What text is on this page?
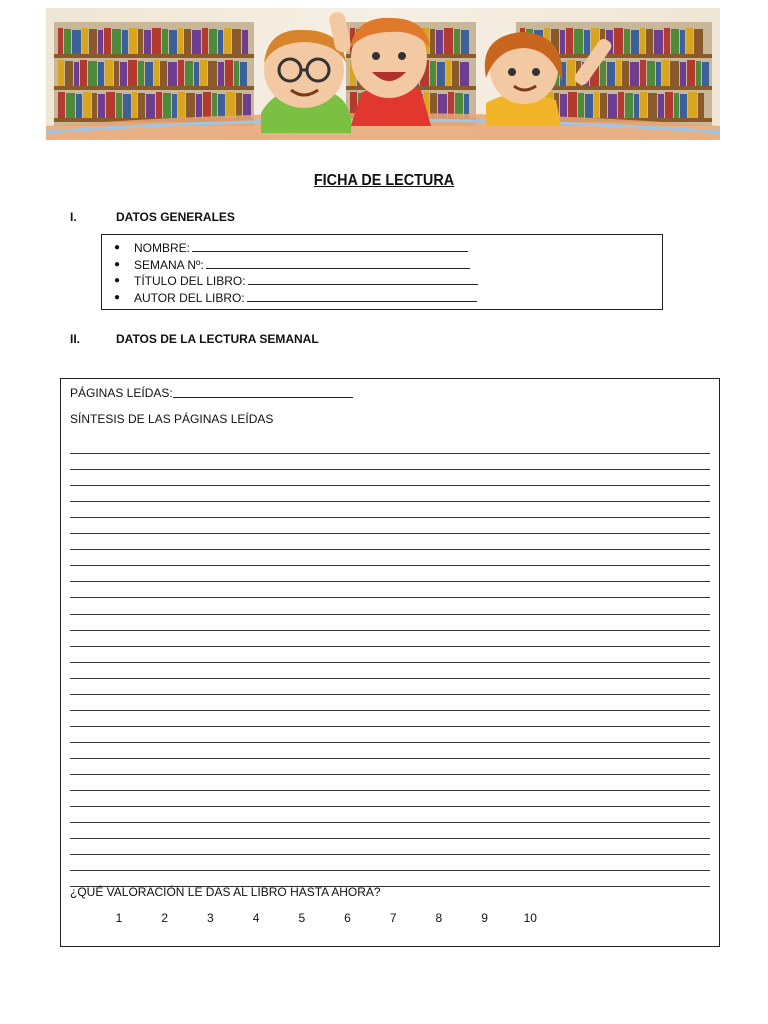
FICHA DE LECTURA
I.	DATOS GENERALES
●	NOMBRE:
●	SEMANA Nº:
●	TÍTULO DEL LIBRO:
●	AUTOR DEL LIBRO:
II.	DATOS DE LA LECTURA SEMANAL
PÁGINAS LEÍDAS:
SÍNTESIS DE LAS PÁGINAS LEÍDAS
¿QUÉ VALORACIÓN LE DAS AL LIBRO HASTA AHORA?
1	2	3	4	5	6	7	8	9	10
